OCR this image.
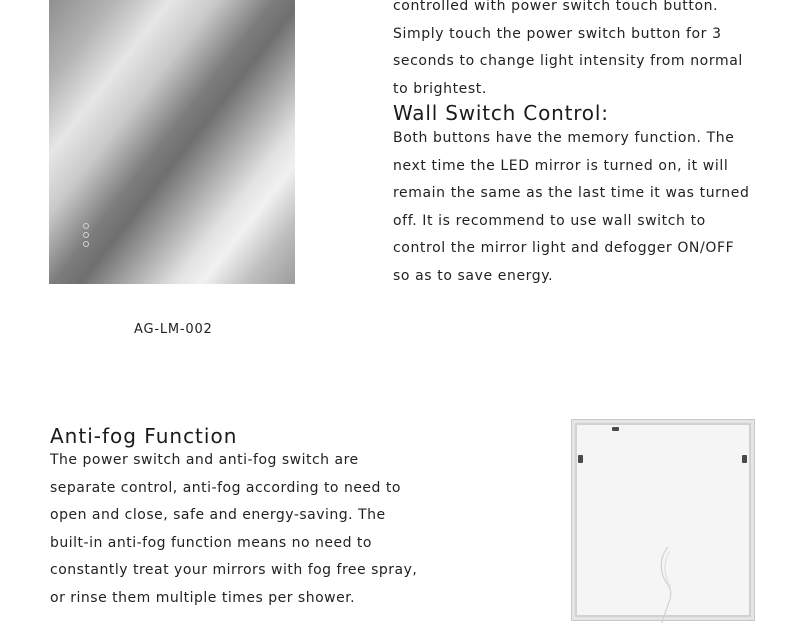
controlled with power switch touch button.
Simply touch the power switch button for 3
seconds to change light intensity from normal
to brightest.
Wall Switch Control:
Both buttons have the memory function. The
next time the LED mirror is turned on, it will
remain the same as the last time it was turned
off. It is recommend to use wall switch to
control the mirror light and defogger ON/OFF
so as to save energy.
AG-LM-002
Anti-fog Function
The power switch and anti-fog switch are
separate control, anti-fog according to need to
open and close, safe and energy-saving. The
built-in anti-fog function means no need to
constantly treat your mirrors with fog free spray,
or rinse them multiple times per shower.
